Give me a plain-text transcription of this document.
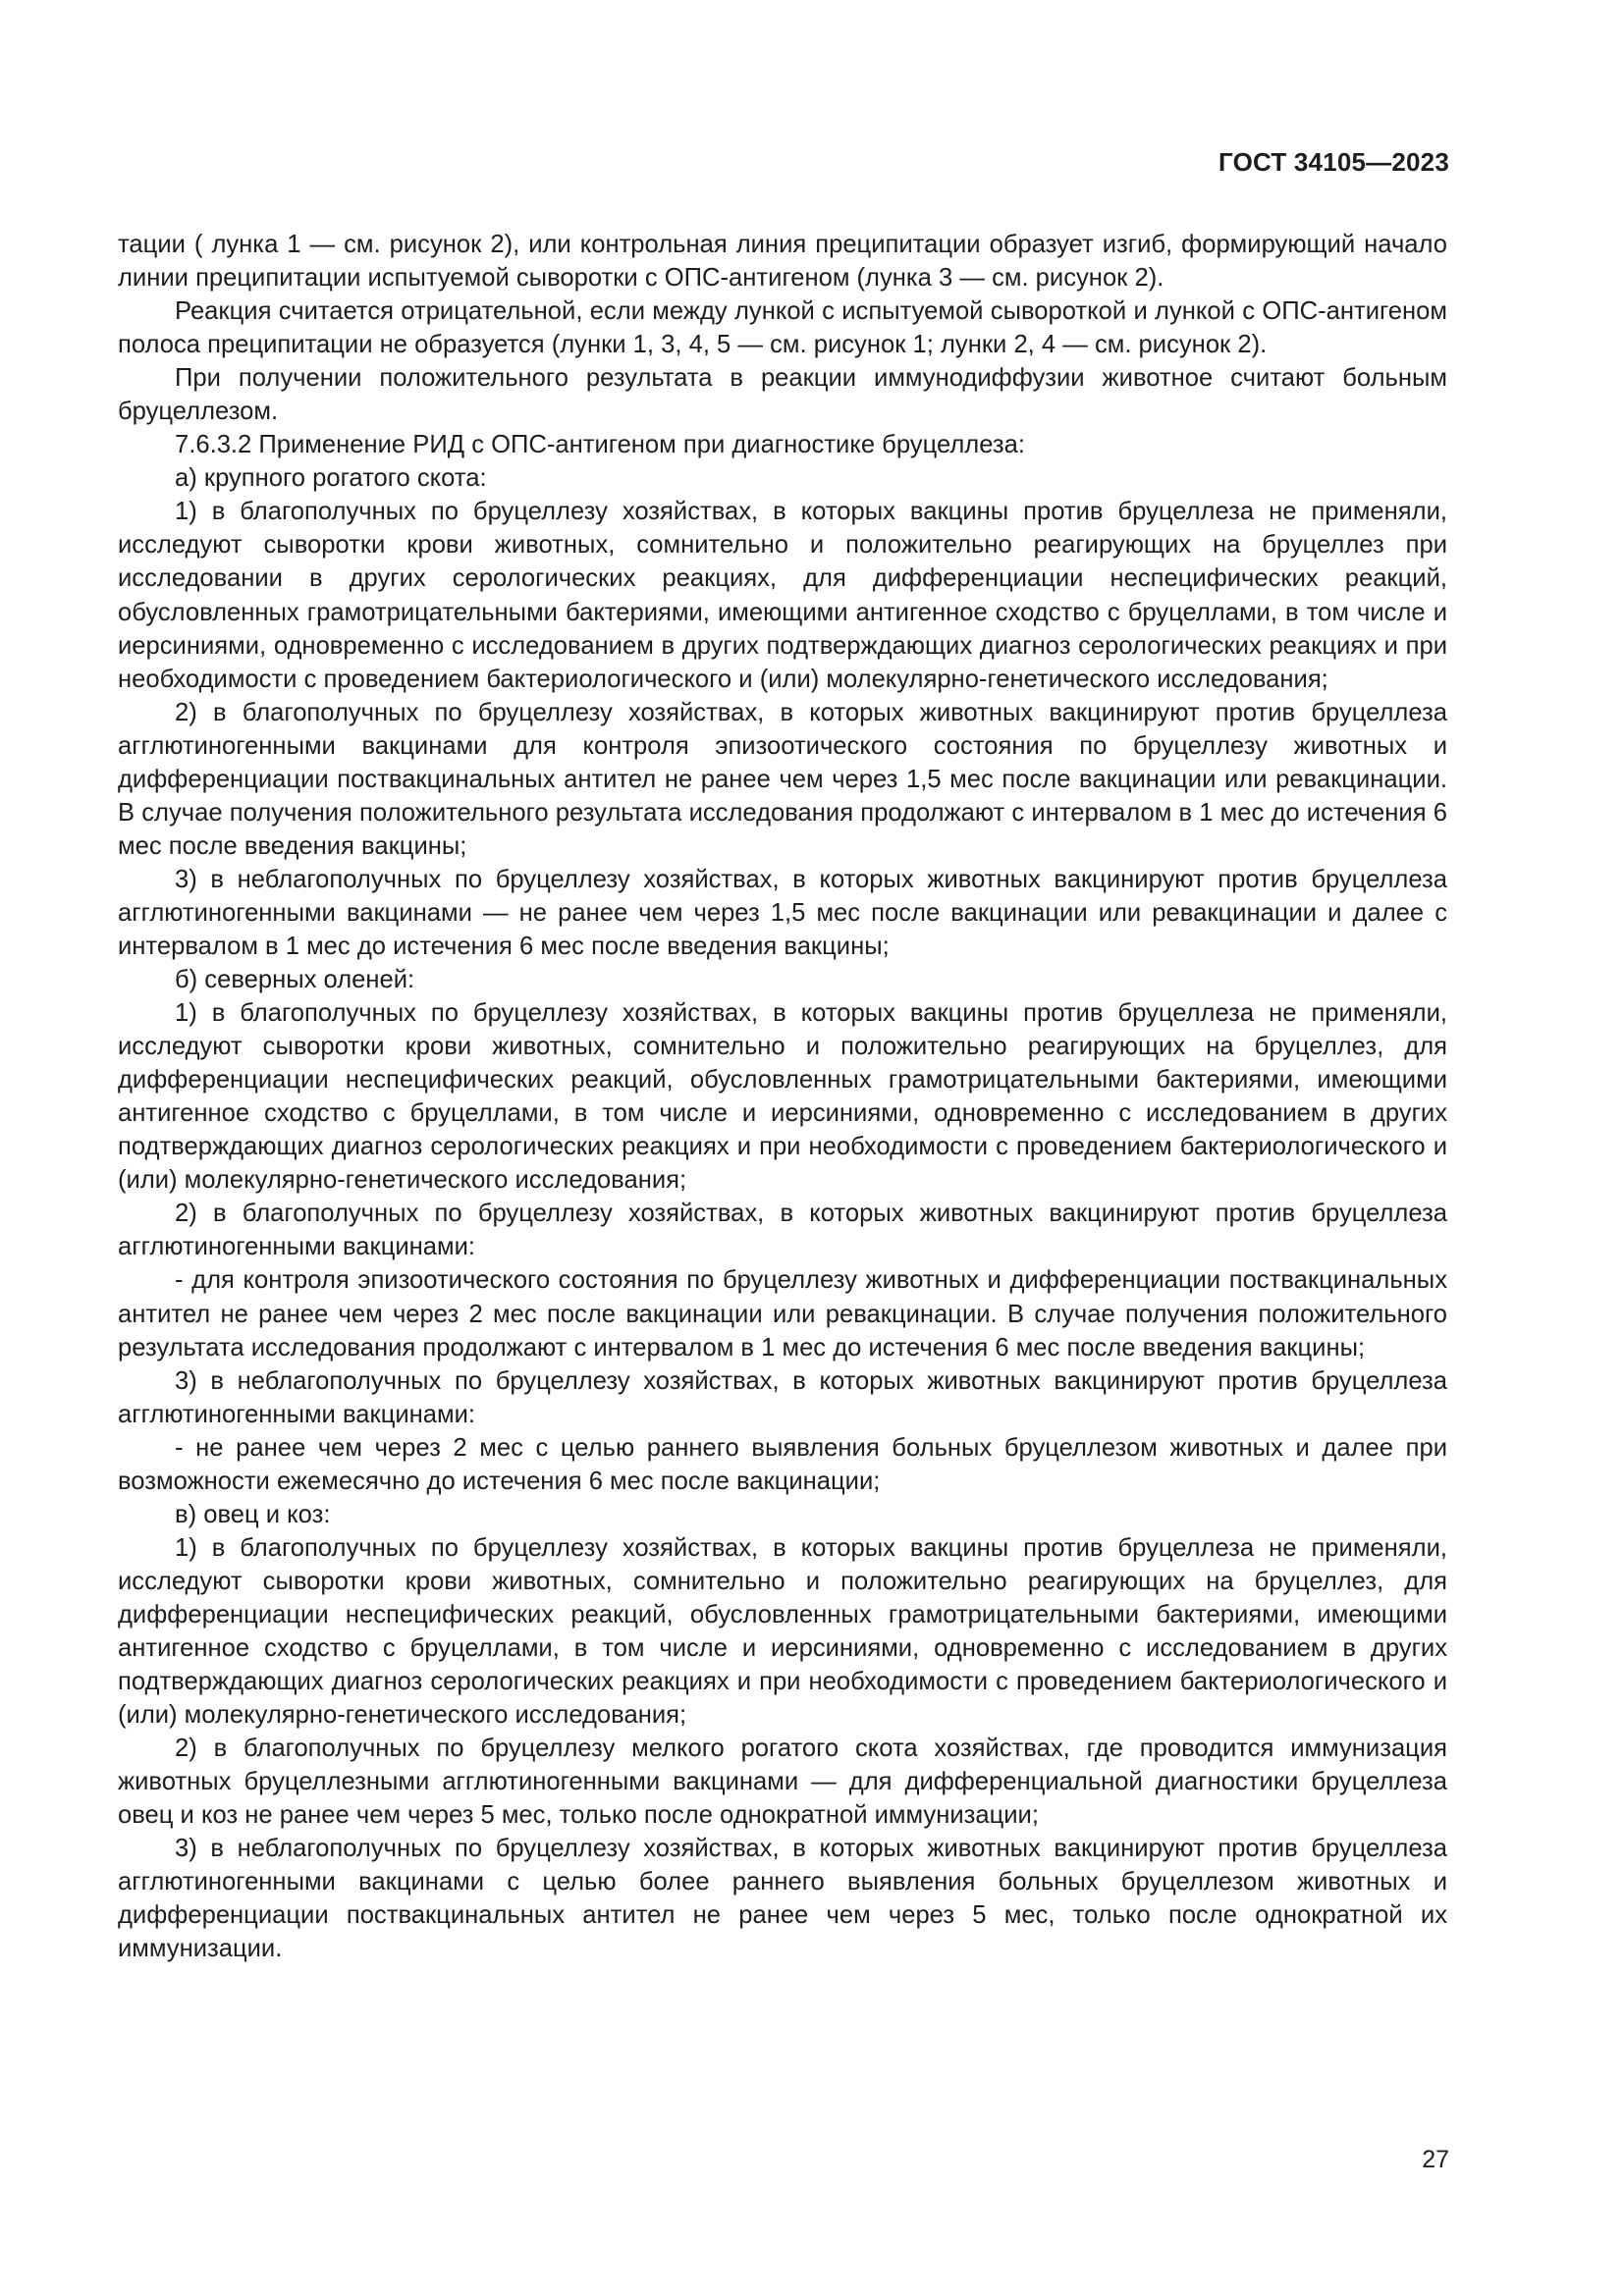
ГОСТ 34105—2023

тации ( лунка 1 — см. рисунок 2), или контрольная линия преципитации образует изгиб, формирующий начало линии преципитации испытуемой сыворотки с ОПС-антигеном (лунка 3 — см. рисунок 2).

Реакция считается отрицательной, если между лункой с испытуемой сывороткой и лункой с ОПС-антигеном полоса преципитации не образуется (лунки 1, 3, 4, 5 — см. рисунок 1; лунки 2, 4 — см. рисунок 2).

При получении положительного результата в реакции иммунодиффузии животное считают больным бруцеллезом.

7.6.3.2 Применение РИД с ОПС-антигеном при диагностике бруцеллеза:

а) крупного рогатого скота:

1) в благополучных по бруцеллезу хозяйствах, в которых вакцины против бруцеллеза не применяли, исследуют сыворотки крови животных, сомнительно и положительно реагирующих на бруцеллез при исследовании в других серологических реакциях, для дифференциации неспецифических реакций, обусловленных грамотрицательными бактериями, имеющими антигенное сходство с бруцеллами, в том числе и иерсиниями, одновременно с исследованием в других подтверждающих диагноз серологических реакциях и при необходимости с проведением бактериологического и (или) молекулярно-генетического исследования;

2) в благополучных по бруцеллезу хозяйствах, в которых животных вакцинируют против бруцеллеза агглютиногенными вакцинами для контроля эпизоотического состояния по бруцеллезу животных и дифференциации поствакцинальных антител не ранее чем через 1,5 мес после вакцинации или ревакцинации. В случае получения положительного результата исследования продолжают с интервалом в 1 мес до истечения 6 мес после введения вакцины;

3) в неблагополучных по бруцеллезу хозяйствах, в которых животных вакцинируют против бруцеллеза агглютиногенными вакцинами — не ранее чем через 1,5 мес после вакцинации или ревакцинации и далее с интервалом в 1 мес до истечения 6 мес после введения вакцины;

б) северных оленей:

1) в благополучных по бруцеллезу хозяйствах, в которых вакцины против бруцеллеза не применяли, исследуют сыворотки крови животных, сомнительно и положительно реагирующих на бруцеллез, для дифференциации неспецифических реакций, обусловленных грамотрицательными бактериями, имеющими антигенное сходство с бруцеллами, в том числе и иерсиниями, одновременно с исследованием в других подтверждающих диагноз серологических реакциях и при необходимости с проведением бактериологического и (или) молекулярно-генетического исследования;

2) в благополучных по бруцеллезу хозяйствах, в которых животных вакцинируют против бруцеллеза агглютиногенными вакцинами:

- для контроля эпизоотического состояния по бруцеллезу животных и дифференциации поствакцинальных антител не ранее чем через 2 мес после вакцинации или ревакцинации. В случае получения положительного результата исследования продолжают с интервалом в 1 мес до истечения 6 мес после введения вакцины;

3) в неблагополучных по бруцеллезу хозяйствах, в которых животных вакцинируют против бруцеллеза агглютиногенными вакцинами:

- не ранее чем через 2 мес с целью раннего выявления больных бруцеллезом животных и далее при возможности ежемесячно до истечения 6 мес после вакцинации;

в) овец и коз:

1) в благополучных по бруцеллезу хозяйствах, в которых вакцины против бруцеллеза не применяли, исследуют сыворотки крови животных, сомнительно и положительно реагирующих на бруцеллез, для дифференциации неспецифических реакций, обусловленных грамотрицательными бактериями, имеющими антигенное сходство с бруцеллами, в том числе и иерсиниями, одновременно с исследованием в других подтверждающих диагноз серологических реакциях и при необходимости с проведением бактериологического и (или) молекулярно-генетического исследования;

2) в благополучных по бруцеллезу мелкого рогатого скота хозяйствах, где проводится иммунизация животных бруцеллезными агглютиногенными вакцинами — для дифференциальной диагностики бруцеллеза овец и коз не ранее чем через 5 мес, только после однократной иммунизации;

3) в неблагополучных по бруцеллезу хозяйствах, в которых животных вакцинируют против бруцеллеза агглютиногенными вакцинами с целью более раннего выявления больных бруцеллезом животных и дифференциации поствакцинальных антител не ранее чем через 5 мес, только после однократной их иммунизации.

27
